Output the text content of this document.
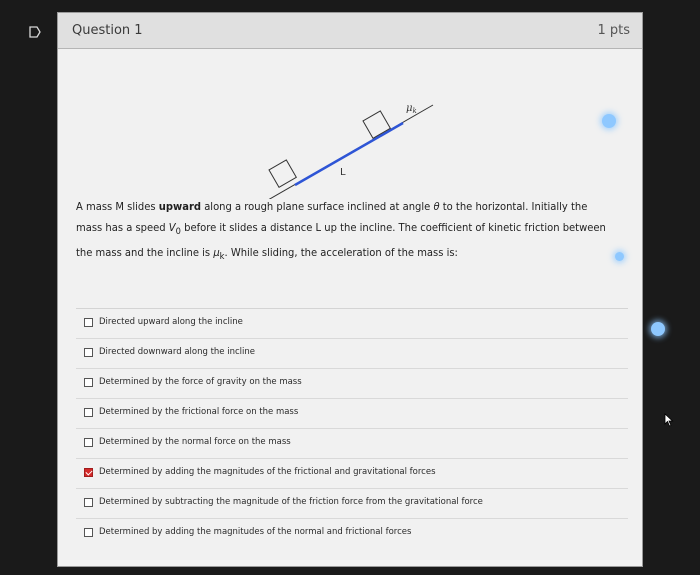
Question 1	1 pts
$\mu_k$
L
A mass M slides upward along a rough plane surface inclined at angle θ to the horizontal. Initially the mass has a speed $V_0$ before it slides a distance L up the incline. The coefficient of kinetic friction between the mass and the incline is $\mu_k$. While sliding, the acceleration of the mass is:
Directed upward along the incline
Directed downward along the incline
Determined by the force of gravity on the mass
Determined by the frictional force on the mass
Determined by the normal force on the mass
Determined by adding the magnitudes of the frictional and gravitational forces
Determined by subtracting the magnitude of the friction force from the gravitational force
Determined by adding the magnitudes of the normal and frictional forces
